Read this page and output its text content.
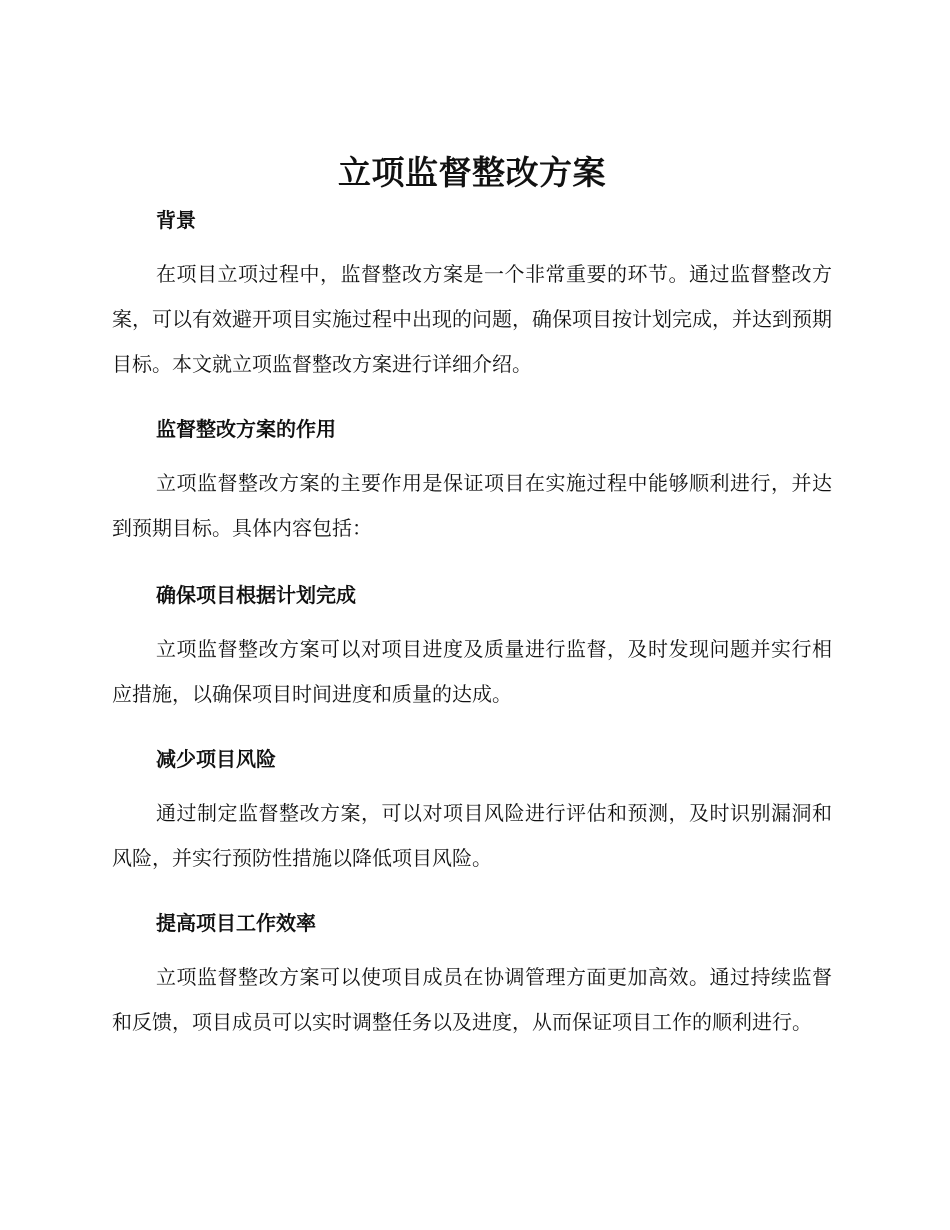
立项监督整改方案
背景

在项目立项过程中，监督整改方案是一个非常重要的环节。通过监督整改方案，可以有效避开项目实施过程中出现的问题，确保项目按计划完成，并达到预期目标。本文就立项监督整改方案进行详细介绍。

监督整改方案的作用

立项监督整改方案的主要作用是保证项目在实施过程中能够顺利进行，并达到预期目标。具体内容包括：

确保项目根据计划完成

立项监督整改方案可以对项目进度及质量进行监督，及时发现问题并实行相应措施，以确保项目时间进度和质量的达成。

减少项目风险

通过制定监督整改方案，可以对项目风险进行评估和预测，及时识别漏洞和风险，并实行预防性措施以降低项目风险。

提高项目工作效率

立项监督整改方案可以使项目成员在协调管理方面更加高效。通过持续监督和反馈，项目成员可以实时调整任务以及进度，从而保证项目工作的顺利进行。
